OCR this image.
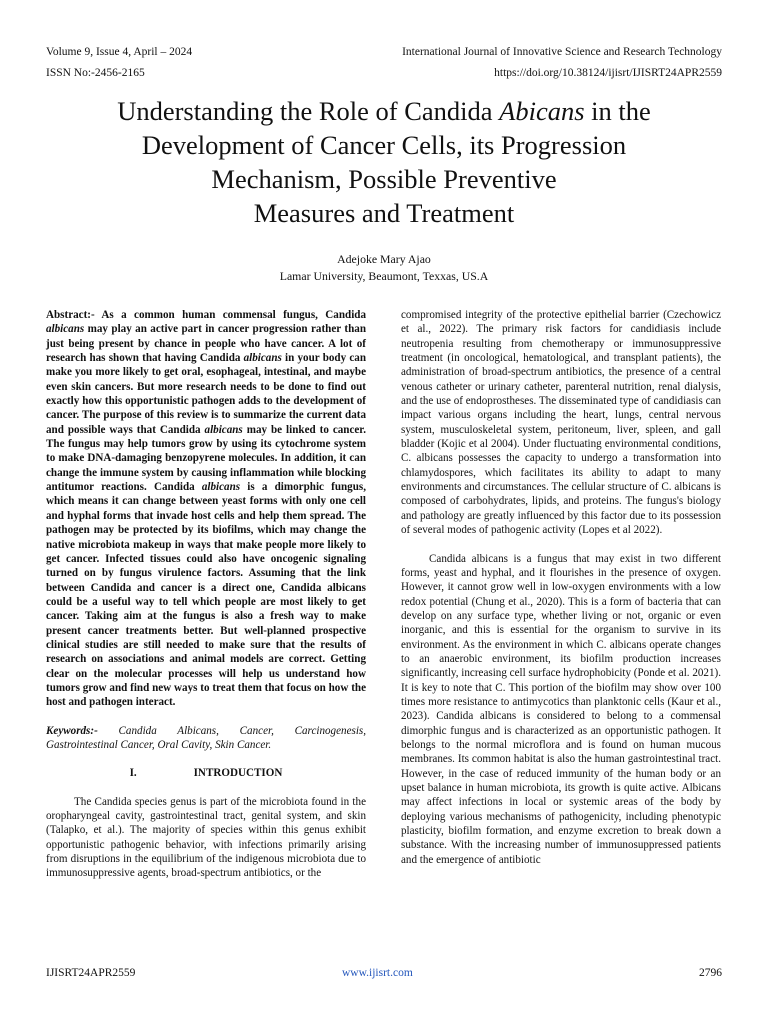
Volume 9, Issue 4, April – 2024	International Journal of Innovative Science and Research Technology
ISSN No:-2456-2165	https://doi.org/10.38124/ijisrt/IJISRT24APR2559
Understanding the Role of Candida Abicans in the
Development of Cancer Cells, its Progression
Mechanism, Possible Preventive
Measures and Treatment
Adejoke Mary Ajao
Lamar University, Beaumont, Texxas, US.A

Abstract:- As a common human commensal fungus, Candida albicans may play an active part in cancer progression rather than just being present by chance in people who have cancer. A lot of research has shown that having Candida albicans in your body can make you more likely to get oral, esophageal, intestinal, and maybe even skin cancers. But more research needs to be done to find out exactly how this opportunistic pathogen adds to the development of cancer. The purpose of this review is to summarize the current data and possible ways that Candida albicans may be linked to cancer. The fungus may help tumors grow by using its cytochrome system to make DNA-damaging benzopyrene molecules. In addition, it can change the immune system by causing inflammation while blocking antitumor reactions. Candida albicans is a dimorphic fungus, which means it can change between yeast forms with only one cell and hyphal forms that invade host cells and help them spread. The pathogen may be protected by its biofilms, which may change the native microbiota makeup in ways that make people more likely to get cancer. Infected tissues could also have oncogenic signaling turned on by fungus virulence factors. Assuming that the link between Candida and cancer is a direct one, Candida albicans could be a useful way to tell which people are most likely to get cancer. Taking aim at the fungus is also a fresh way to make present cancer treatments better. But well-planned prospective clinical studies are still needed to make sure that the results of research on associations and animal models are correct. Getting clear on the molecular processes will help us understand how tumors grow and find new ways to treat them that focus on how the host and pathogen interact.

Keywords:- Candida Albicans, Cancer, Carcinogenesis, Gastrointestinal Cancer, Oral Cavity, Skin Cancer.

I.	INTRODUCTION

The Candida species genus is part of the microbiota found in the oropharyngeal cavity, gastrointestinal tract, genital system, and skin (Talapko, et al.). The majority of species within this genus exhibit opportunistic pathogenic behavior, with infections primarily arising from disruptions in the equilibrium of the indigenous microbiota due to immunosuppressive agents, broad-spectrum antibiotics, or the

compromised integrity of the protective epithelial barrier (Czechowicz et al., 2022). The primary risk factors for candidiasis include neutropenia resulting from chemotherapy or immunosuppressive treatment (in oncological, hematological, and transplant patients), the administration of broad-spectrum antibiotics, the presence of a central venous catheter or urinary catheter, parenteral nutrition, renal dialysis, and the use of endoprostheses. The disseminated type of candidiasis can impact various organs including the heart, lungs, central nervous system, musculoskeletal system, peritoneum, liver, spleen, and gall bladder (Kojic et al 2004). Under fluctuating environmental conditions, C. albicans possesses the capacity to undergo a transformation into chlamydospores, which facilitates its ability to adapt to many environments and circumstances. The cellular structure of C. albicans is composed of carbohydrates, lipids, and proteins. The fungus's biology and pathology are greatly influenced by this factor due to its possession of several modes of pathogenic activity (Lopes et al 2022).

Candida albicans is a fungus that may exist in two different forms, yeast and hyphal, and it flourishes in the presence of oxygen. However, it cannot grow well in low-oxygen environments with a low redox potential (Chung et al., 2020). This is a form of bacteria that can develop on any surface type, whether living or not, organic or even inorganic, and this is essential for the organism to survive in its environment. As the environment in which C. albicans operate changes to an anaerobic environment, its biofilm production increases significantly, increasing cell surface hydrophobicity (Ponde et al. 2021). It is key to note that C. This portion of the biofilm may show over 100 times more resistance to antimycotics than planktonic cells (Kaur et al., 2023). Candida albicans is considered to belong to a commensal dimorphic fungus and is characterized as an opportunistic pathogen. It belongs to the normal microflora and is found on human mucous membranes. Its common habitat is also the human gastrointestinal tract. However, in the case of reduced immunity of the human body or an upset balance in human microbiota, its growth is quite active. Albicans may affect infections in local or systemic areas of the body by deploying various mechanisms of pathogenicity, including phenotypic plasticity, biofilm formation, and enzyme excretion to break down a substance. With the increasing number of immunosuppressed patients and the emergence of antibiotic

IJISRT24APR2559	www.ijisrt.com	2796
